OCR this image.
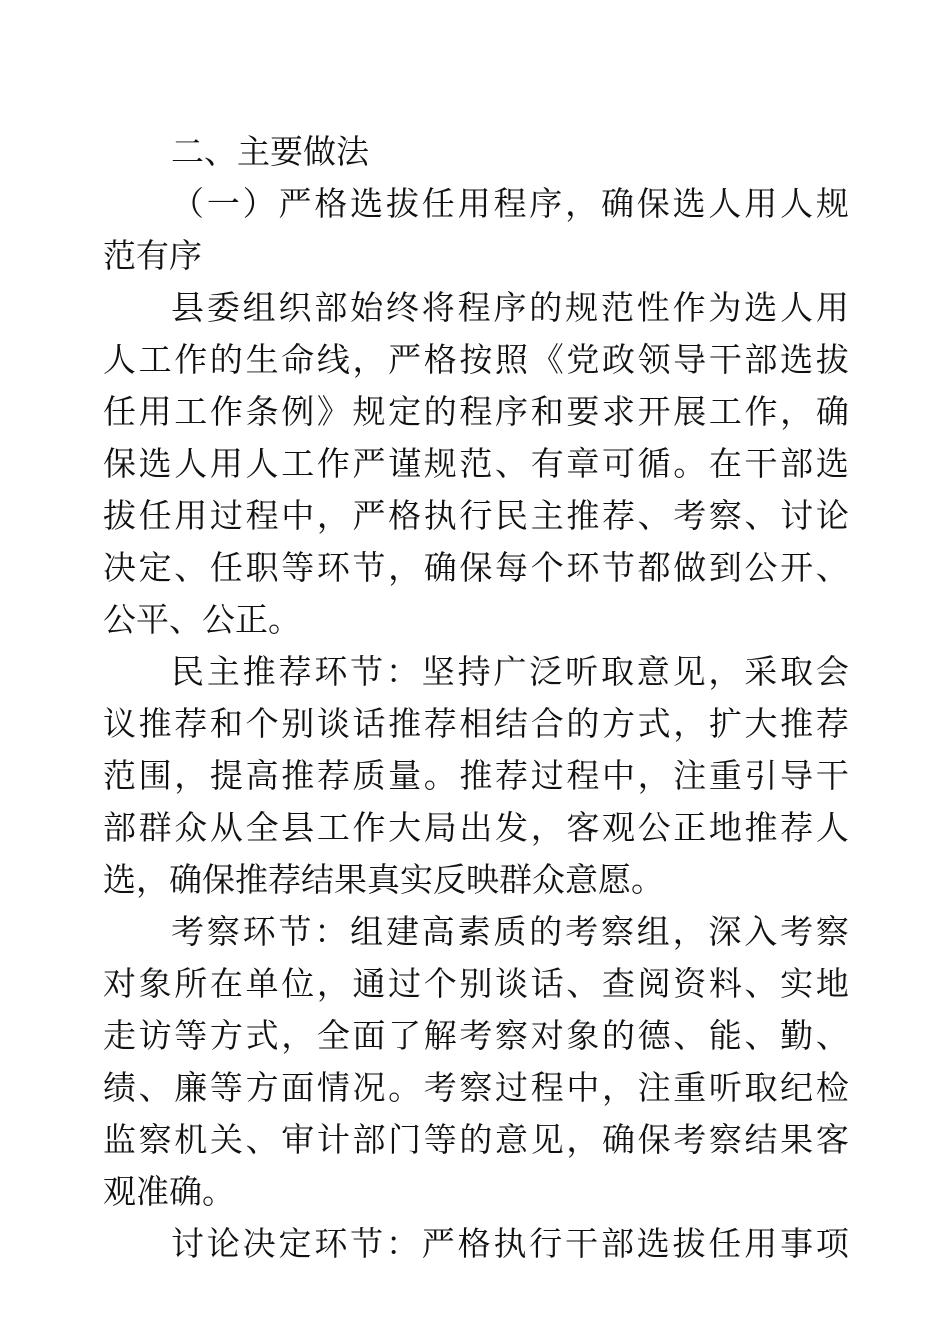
二、主要做法
（ 一 ） 严 格 选 拔 任 用 程 序 ， 确 保 选 人 用 人 规
范有序
县 委 组 织 部 始 终 将 程 序 的 规 范 性 作 为 选 人 用
人 工 作 的 生 命 线 ， 严 格 按 照 《 党 政 领 导 干 部 选 拔
任 用 工 作 条 例 》 规 定 的 程 序 和 要 求 开 展 工 作 ， 确
保 选 人 用 人 工 作 严 谨 规 范 、 有 章 可 循 。 在 干 部 选
拔 任 用 过 程 中 ， 严 格 执 行 民 主 推 荐 、 考 察 、 讨 论
决 定 、 任 职 等 环 节 ， 确 保 每 个 环 节 都 做 到 公 开 、
公平、公正。
民 主 推 荐 环 节 ： 坚 持 广 泛 听 取 意 见 ， 采 取 会
议 推 荐 和 个 别 谈 话 推 荐 相 结 合 的 方 式 ， 扩 大 推 荐
范 围 ， 提 高 推 荐 质 量 。 推 荐 过 程 中 ， 注 重 引 导 干
部 群 众 从 全 县 工 作 大 局 出 发 ， 客 观 公 正 地 推 荐 人
选，确保推荐结果真实反映群众意愿。
考 察 环 节 ： 组 建 高 素 质 的 考 察 组 ， 深 入 考 察
对 象 所 在 单 位 ， 通 过 个 别 谈 话 、 查 阅 资 料 、 实 地
走 访 等 方 式 ， 全 面 了 解 考 察 对 象 的 德 、 能 、 勤 、
绩 、 廉 等 方 面 情 况 。 考 察 过 程 中 ， 注 重 听 取 纪 检
监 察 机 关 、 审 计 部 门 等 的 意 见 ， 确 保 考 察 结 果 客
观准确。
讨 论 决 定 环 节 ： 严 格 执 行 干 部 选 拔 任 用 事 项
